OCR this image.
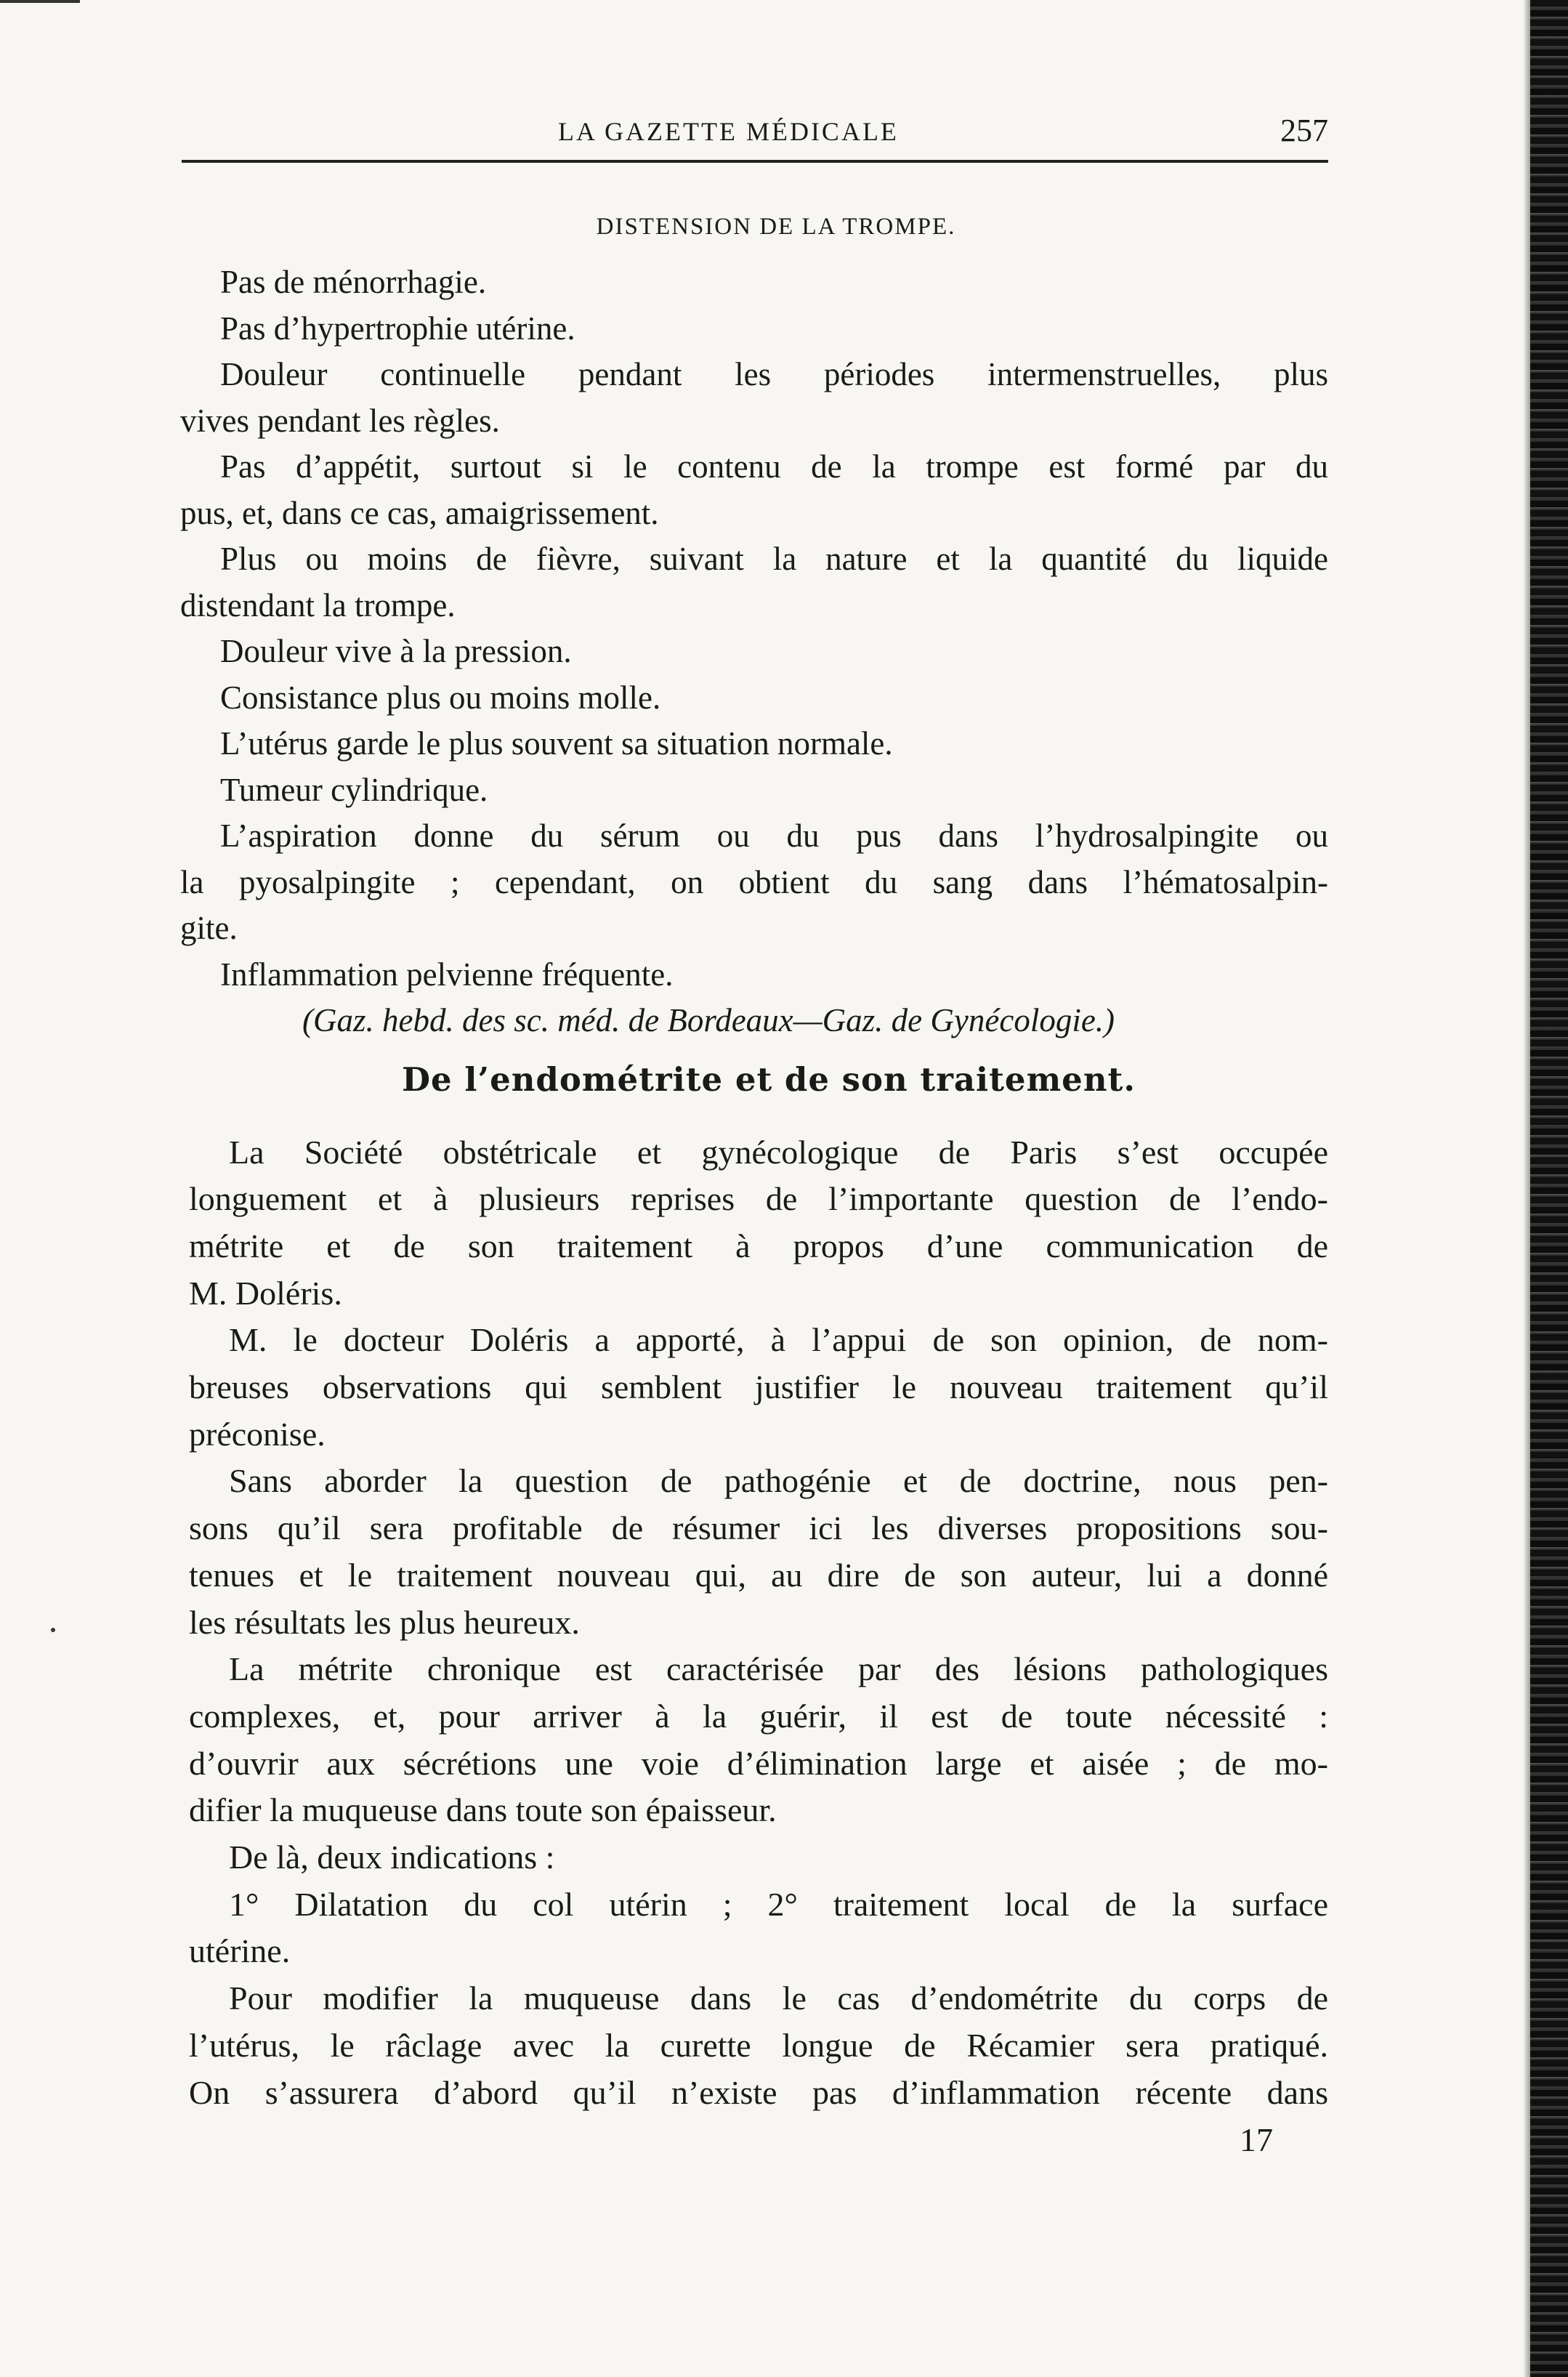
LA GAZETTE MÉDICALE	257
DISTENSION DE LA TROMPE.
Pas de ménorrhagie.
Pas d’hypertrophie utérine.
Douleur continuelle pendant les périodes intermenstruelles, plus
vives pendant les règles.
Pas d’appétit, surtout si le contenu de la trompe est formé par du
pus, et, dans ce cas, amaigrissement.
Plus ou moins de fièvre, suivant la nature et la quantité du liquide
distendant la trompe.
Douleur vive à la pression.
Consistance plus ou moins molle.
L’utérus garde le plus souvent sa situation normale.
Tumeur cylindrique.
L’aspiration donne du sérum ou du pus dans l’hydrosalpingite ou
la pyosalpingite ; cependant, on obtient du sang dans l’hématosalpin-
gite.
Inflammation pelvienne fréquente.
(Gaz. hebd. des sc. méd. de Bordeaux—Gaz. de Gynécologie.)
De l’endométrite et de son traitement.
La Société obstétricale et gynécologique de Paris s’est occupée
longuement et à plusieurs reprises de l’importante question de l’endo-
métrite et de son traitement à propos d’une communication de
M. Doléris.
M. le docteur Doléris a apporté, à l’appui de son opinion, de nom-
breuses observations qui semblent justifier le nouveau traitement qu’il
préconise.
Sans aborder la question de pathogénie et de doctrine, nous pen-
sons qu’il sera profitable de résumer ici les diverses propositions sou-
tenues et le traitement nouveau qui, au dire de son auteur, lui a donné
les résultats les plus heureux.
La métrite chronique est caractérisée par des lésions pathologiques
complexes, et, pour arriver à la guérir, il est de toute nécessité :
d’ouvrir aux sécrétions une voie d’élimination large et aisée ; de mo-
difier la muqueuse dans toute son épaisseur.
De là, deux indications :
1° Dilatation du col utérin ; 2° traitement local de la surface
utérine.
Pour modifier la muqueuse dans le cas d’endométrite du corps de
l’utérus, le râclage avec la curette longue de Récamier sera pratiqué.
On s’assurera d’abord qu’il n’existe pas d’inflammation récente dans
17
